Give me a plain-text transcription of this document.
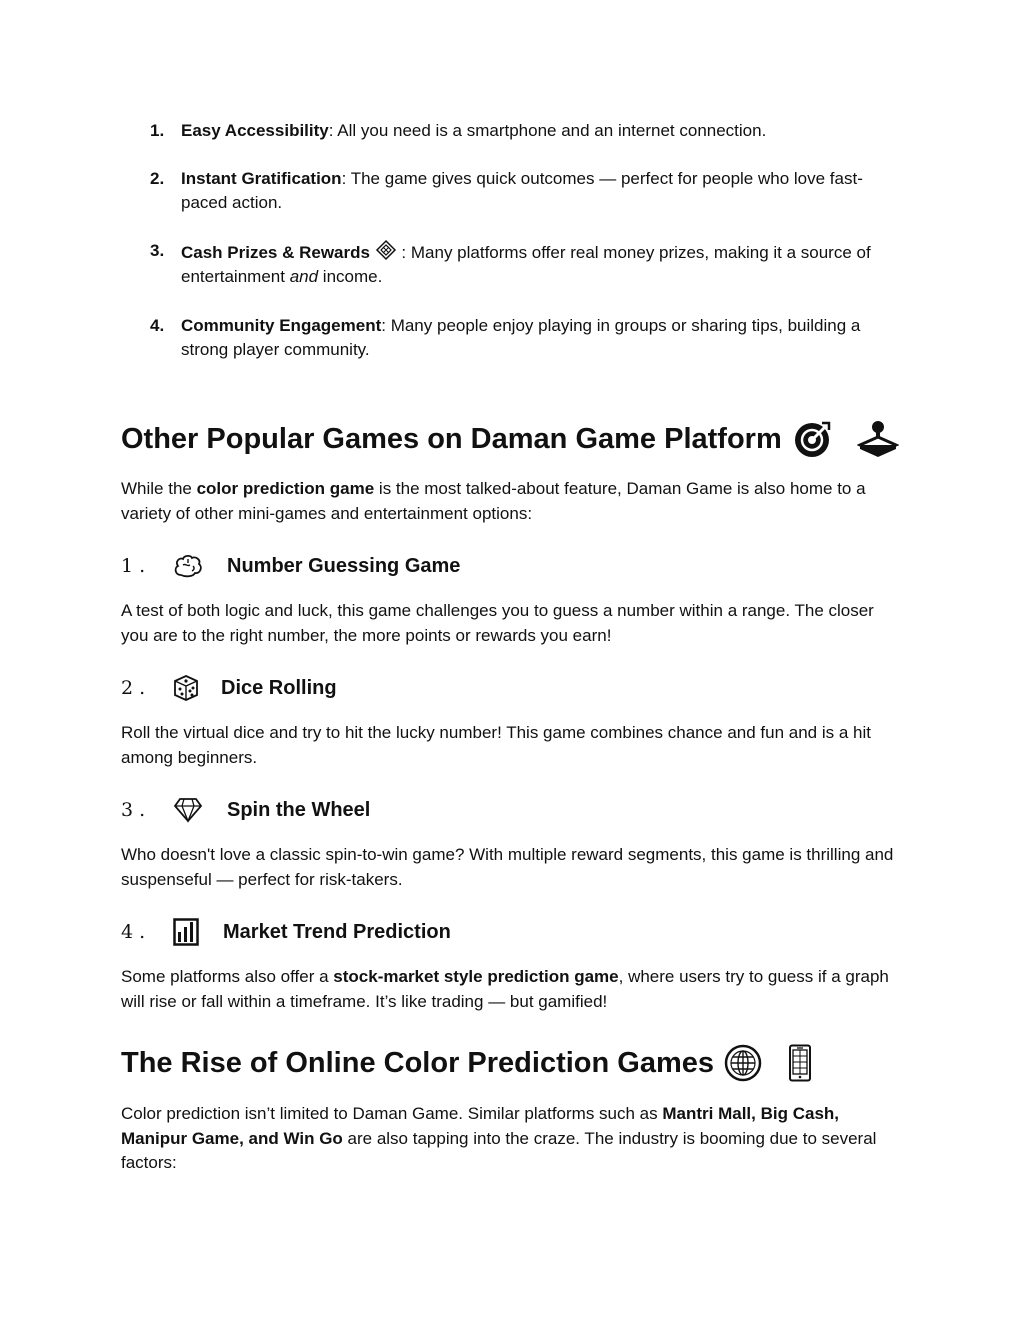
1. Easy Accessibility: All you need is a smartphone and an internet connection.
2. Instant Gratification: The game gives quick outcomes — perfect for people who love fast-paced action.
3. Cash Prizes & Rewards
: Many platforms offer real money prizes, making it a source of entertainment and income.
4. Community Engagement: Many people enjoy playing in groups or sharing tips, building a strong player community.
Other Popular Games on Daman Game Platform

While the color prediction game is the most talked-about feature, Daman Game is also home to a variety of other mini-games and entertainment options:

1 .	Number Guessing Game

A test of both logic and luck, this game challenges you to guess a number within a range. The closer you are to the right number, the more points or rewards you earn!

2 .	Dice Rolling

Roll the virtual dice and try to hit the lucky number! This game combines chance and fun and is a hit among beginners.

3 .	Spin the Wheel

Who doesn't love a classic spin-to-win game? With multiple reward segments, this game is thrilling and suspenseful — perfect for risk-takers.

4 .	Market Trend Prediction

Some platforms also offer a stock-market style prediction game, where users try to guess if a graph will rise or fall within a timeframe. It’s like trading — but gamified!

The Rise of Online Color Prediction Games

Color prediction isn’t limited to Daman Game. Similar platforms such as Mantri Mall, Big Cash, Manipur Game, and Win Go are also tapping into the craze. The industry is booming due to several factors:
